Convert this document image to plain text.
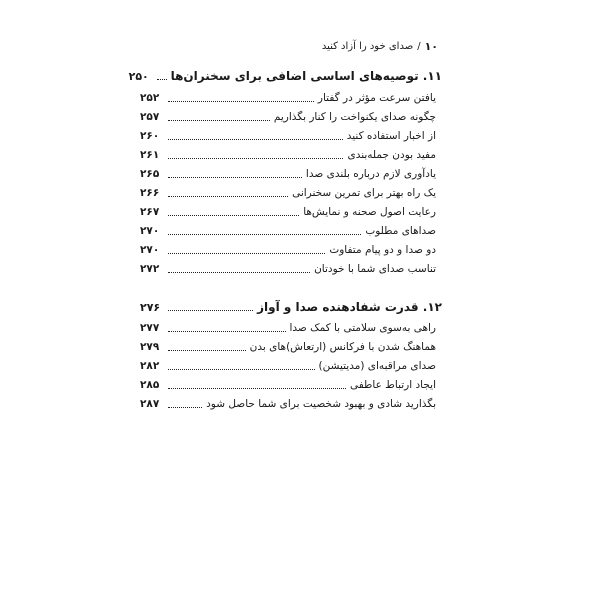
۱۰
/
صدای خود را آزاد کنید
۱۱. توصیه‌های اساسی اضافی برای سخنران‌ها
۲۵۰
یافتن سرعت مؤثر در گفتار
۲۵۲
چگونه صدای یکنواخت را کنار بگذاریم
۲۵۷
از اخبار استفاده کنید
۲۶۰
مفید بودن جمله‌بندی
۲۶۱
یادآوری لازم درباره بلندی صدا
۲۶۵
یک راه بهتر برای تمرین سخنرانی
۲۶۶
رعایت اصول صحنه و نمایش‌ها
۲۶۷
صداهای مطلوب
۲۷۰
دو صدا و دو پیام متفاوت
۲۷۰
تناسب صدای شما با خودتان
۲۷۲
۱۲. قدرت شفادهنده صدا و آواز
۲۷۶
راهی به‌سوی سلامتی با کمک صدا
۲۷۷
هماهنگ شدن با فرکانس (ارتعاش)های بدن
۲۷۹
صدای مراقبه‌ای (مدیتیشن)
۲۸۲
ایجاد ارتباط عاطفی
۲۸۵
بگذارید شادی و بهبود شخصیت برای شما حاصل شود
۲۸۷
